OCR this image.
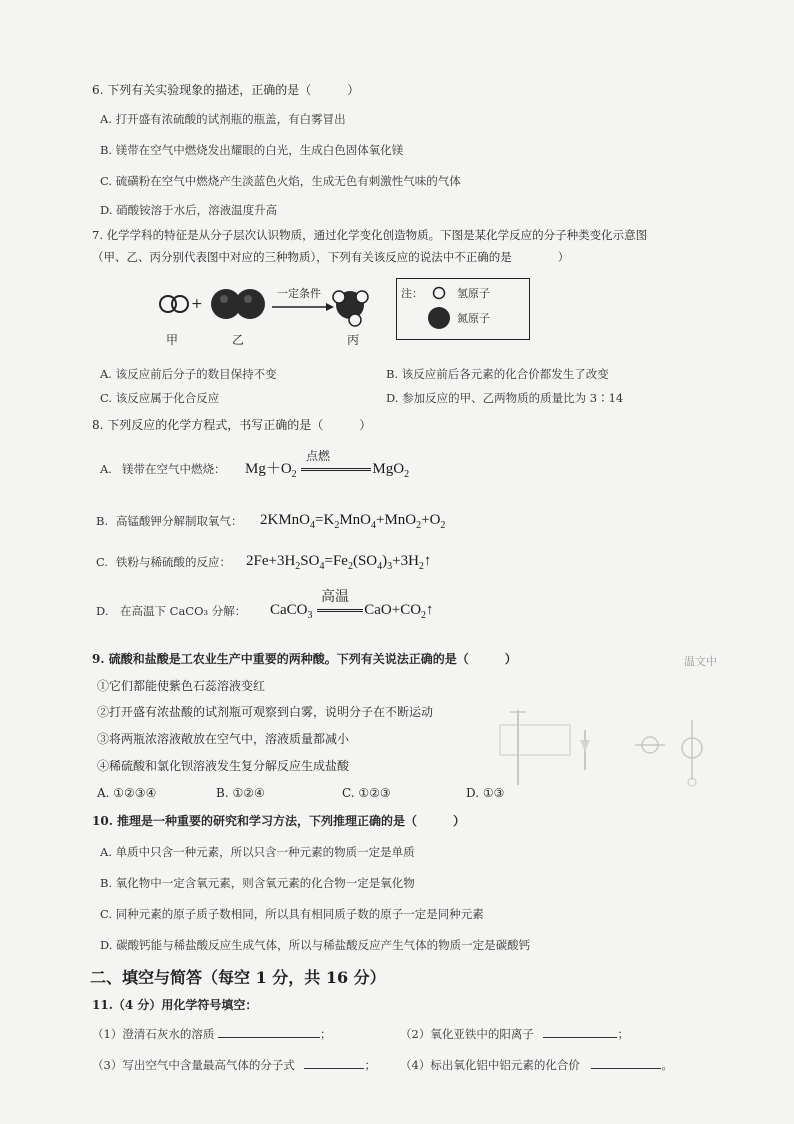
6. 下列有关实验现象的描述，正确的是（　　　）
A. 打开盛有浓硫酸的试剂瓶的瓶盖，有白雾冒出
B. 镁带在空气中燃烧发出耀眼的白光，生成白色固体氧化镁
C. 硫磺粉在空气中燃烧产生淡蓝色火焰，生成无色有刺激性气味的气体
D. 硝酸铵溶于水后，溶液温度升高
7. 化学学科的特征是从分子层次认识物质，通过化学变化创造物质。下图是某化学反应的分子种类变化示意图
（甲、乙、丙分别代表图中对应的三种物质），下列有关该反应的说法中不正确的是　　　　）
+
一定条件
甲	乙	丙
注：	氢原子
氮原子
A. 该反应前后分子的数目保持不变	B. 该反应前后各元素的化合价都发生了改变
C. 该反应属于化合反应	D. 参加反应的甲、乙两物质的质量比为 3∶14
8. 下列反应的化学方程式，书写正确的是（　　　）
A. 镁带在空气中燃烧： $Mg+O_2$	MgO$_2$
点燃
B. 高锰酸钾分解制取氧气： $2KMnO_4=K_2MnO_4+MnO_2+O_2$
C. 铁粉与稀硫酸的反应： $2Fe+3H_2SO_4=Fe_2(SO_4)_3+3H_2↑$
D. 在高温下 CaCO₃ 分解： CaCO$_3$	$CaO+CO_2↑$
高温
9. 硫酸和盐酸是工农业生产中重要的两种酸。下列有关说法正确的是（　　　）
①它们都能使紫色石蕊溶液变红
②打开盛有浓盐酸的试剂瓶可观察到白雾，说明分子在不断运动
③将两瓶浓溶液敞放在空气中，溶液质量都减小
④稀硫酸和氯化钡溶液发生复分解反应生成盐酸
A. ①②③④	B. ①②④	C. ①②③	D. ①③
温文中
10. 推理是一种重要的研究和学习方法，下列推理正确的是（　　　）
A. 单质中只含一种元素，所以只含一种元素的物质一定是单质
B. 氧化物中一定含氧元素，则含氧元素的化合物一定是氧化物
C. 同种元素的原子质子数相同，所以具有相同质子数的原子一定是同种元素
D. 碳酸钙能与稀盐酸反应生成气体，所以与稀盐酸反应产生气体的物质一定是碳酸钙
二、填空与简答（每空 1 分，共 16 分）
11.（4 分）用化学符号填空：
（1）澄清石灰水的溶质	；	（2）氧化亚铁中的阳离子	；
（3）写出空气中含量最高气体的分子式	； （4）标出氧化铝中铝元素的化合价	。
